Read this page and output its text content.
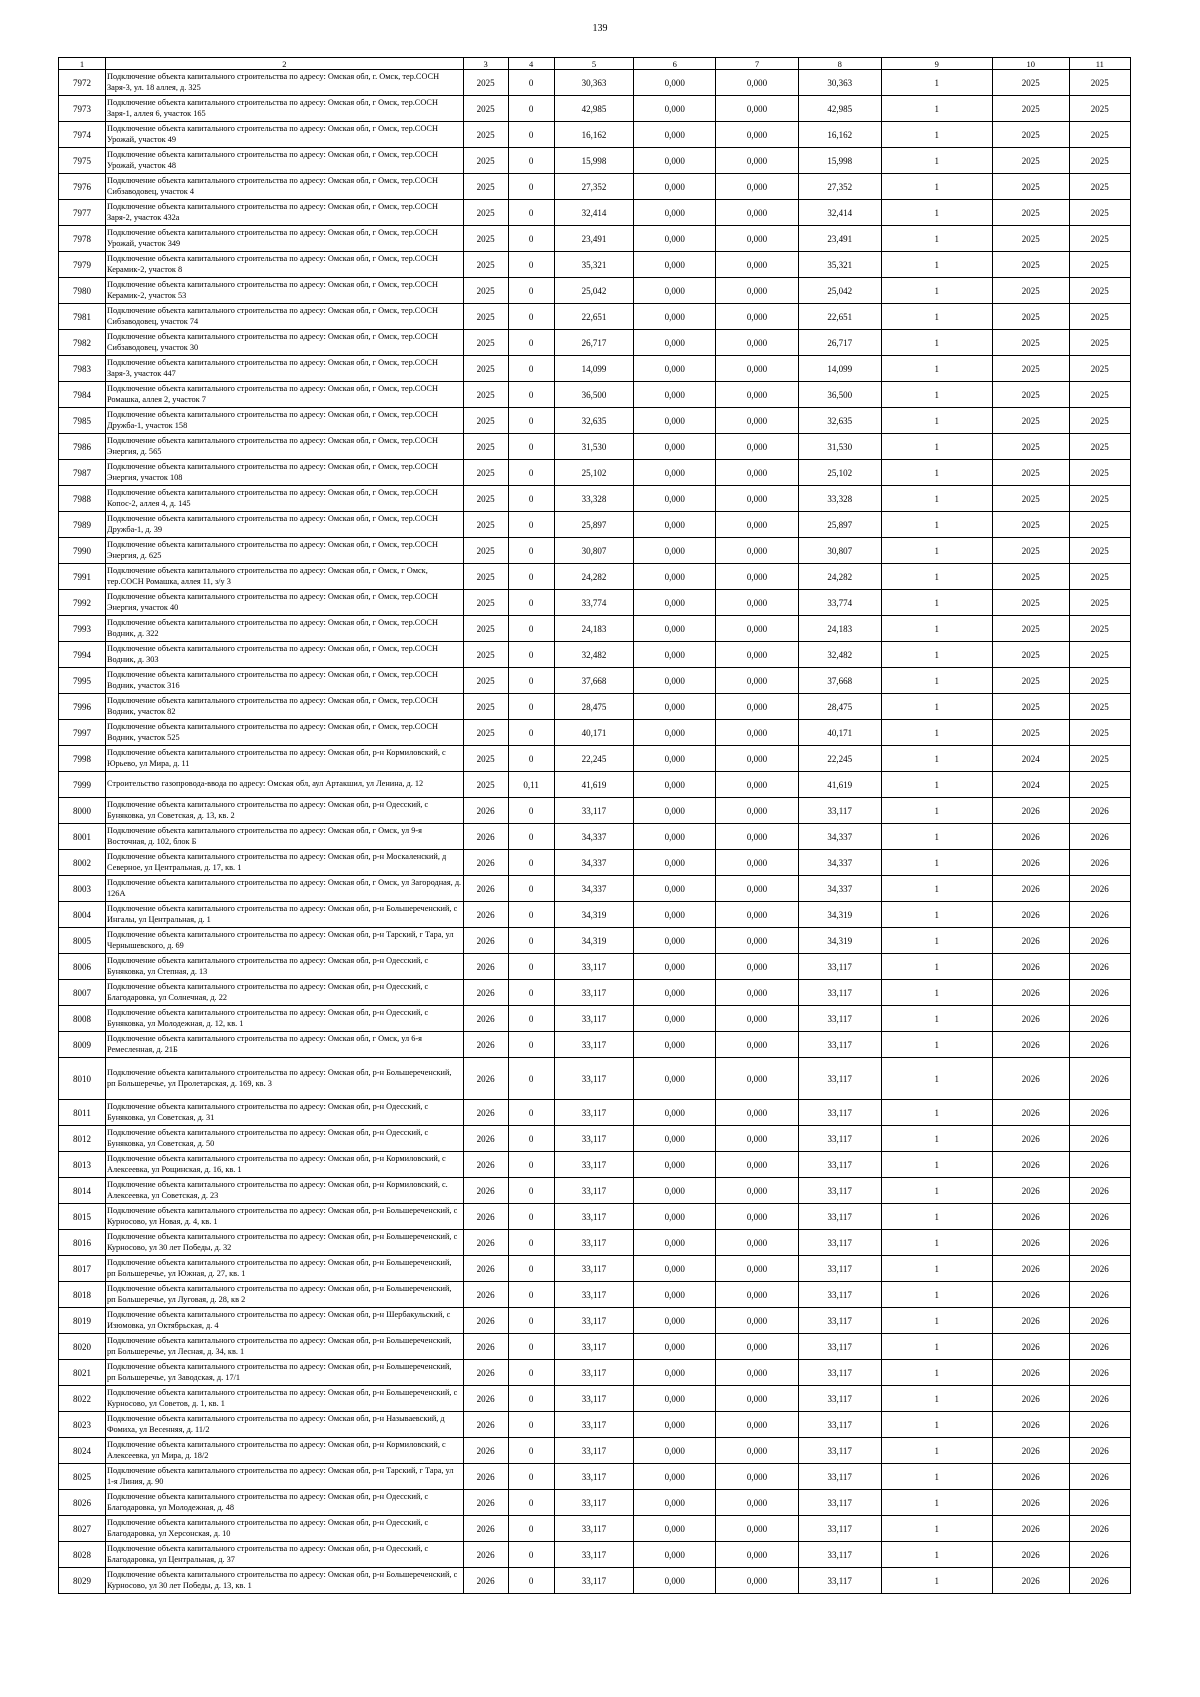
139
1	2	3	4	5	6	7	8	9	10	11
7972	Подключение объекта капитального строительства по адресу: Омская обл, г. Омск, тер.СОСН Заря-3, ул. 18 аллея, д. 325	2025	0	30,363	0,000	0,000	30,363	1	2025	2025
7973	Подключение объекта капитального строительства по адресу: Омская обл, г Омск, тер.СОСН Заря-1, аллея 6, участок 165	2025	0	42,985	0,000	0,000	42,985	1	2025	2025
7974	Подключение объекта капитального строительства по адресу: Омская обл, г Омск, тер.СОСН Урожай, участок 49	2025	0	16,162	0,000	0,000	16,162	1	2025	2025
7975	Подключение объекта капитального строительства по адресу: Омская обл, г Омск, тер.СОСН Урожай, участок 48	2025	0	15,998	0,000	0,000	15,998	1	2025	2025
7976	Подключение объекта капитального строительства по адресу: Омская обл, г Омск, тер.СОСН Сибзаводовец, участок 4	2025	0	27,352	0,000	0,000	27,352	1	2025	2025
7977	Подключение объекта капитального строительства по адресу: Омская обл, г Омск, тер.СОСН Заря-2, участок 432а	2025	0	32,414	0,000	0,000	32,414	1	2025	2025
7978	Подключение объекта капитального строительства по адресу: Омская обл, г Омск, тер.СОСН Урожай, участок 349	2025	0	23,491	0,000	0,000	23,491	1	2025	2025
7979	Подключение объекта капитального строительства по адресу: Омская обл, г Омск, тер.СОСН Керамик-2, участок 8	2025	0	35,321	0,000	0,000	35,321	1	2025	2025
7980	Подключение объекта капитального строительства по адресу: Омская обл, г Омск, тер.СОСН Керамик-2, участок 53	2025	0	25,042	0,000	0,000	25,042	1	2025	2025
7981	Подключение объекта капитального строительства по адресу: Омская обл, г Омск, тер.СОСН Сибзаводовец, участок 74	2025	0	22,651	0,000	0,000	22,651	1	2025	2025
7982	Подключение объекта капитального строительства по адресу: Омская обл, г Омск, тер.СОСН Сибзаводовец, участок 30	2025	0	26,717	0,000	0,000	26,717	1	2025	2025
7983	Подключение объекта капитального строительства по адресу: Омская обл, г Омск, тер.СОСН Заря-3, участок 447	2025	0	14,099	0,000	0,000	14,099	1	2025	2025
7984	Подключение объекта капитального строительства по адресу: Омская обл, г Омск, тер.СОСН Ромашка, аллея 2, участок 7	2025	0	36,500	0,000	0,000	36,500	1	2025	2025
7985	Подключение объекта капитального строительства по адресу: Омская обл, г Омск, тер.СОСН Дружба-1, участок 158	2025	0	32,635	0,000	0,000	32,635	1	2025	2025
7986	Подключение объекта капитального строительства по адресу: Омская обл, г Омск, тер.СОСН Энергия, д. 565	2025	0	31,530	0,000	0,000	31,530	1	2025	2025
7987	Подключение объекта капитального строительства по адресу: Омская обл, г Омск, тер.СОСН Энергия, участок 108	2025	0	25,102	0,000	0,000	25,102	1	2025	2025
7988	Подключение объекта капитального строительства по адресу: Омская обл, г Омск, тер.СОСН Копос-2, аллея 4, д. 145	2025	0	33,328	0,000	0,000	33,328	1	2025	2025
7989	Подключение объекта капитального строительства по адресу: Омская обл, г Омск, тер.СОСН Дружба-1, д. 39	2025	0	25,897	0,000	0,000	25,897	1	2025	2025
7990	Подключение объекта капитального строительства по адресу: Омская обл, г Омск, тер.СОСН Энергия, д. 625	2025	0	30,807	0,000	0,000	30,807	1	2025	2025
7991	Подключение объекта капитального строительства по адресу: Омская обл, г Омск, г Омск, тер.СОСН Ромашка, аллея 11, з/у 3	2025	0	24,282	0,000	0,000	24,282	1	2025	2025
7992	Подключение объекта капитального строительства по адресу: Омская обл, г Омск, тер.СОСН Энергия, участок 40	2025	0	33,774	0,000	0,000	33,774	1	2025	2025
7993	Подключение объекта капитального строительства по адресу: Омская обл, г Омск, тер.СОСН Водник, д. 322	2025	0	24,183	0,000	0,000	24,183	1	2025	2025
7994	Подключение объекта капитального строительства по адресу: Омская обл, г Омск, тер.СОСН Водник, д. 303	2025	0	32,482	0,000	0,000	32,482	1	2025	2025
7995	Подключение объекта капитального строительства по адресу: Омская обл, г Омск, тер.СОСН Водник, участок 316	2025	0	37,668	0,000	0,000	37,668	1	2025	2025
7996	Подключение объекта капитального строительства по адресу: Омская обл, г Омск, тер.СОСН Водник, участок 82	2025	0	28,475	0,000	0,000	28,475	1	2025	2025
7997	Подключение объекта капитального строительства по адресу: Омская обл, г Омск, тер.СОСН Водник, участок 525	2025	0	40,171	0,000	0,000	40,171	1	2025	2025
7998	Подключение объекта капитального строительства по адресу: Омская обл, р-н Кормиловский, с Юрьево, ул Мира, д. 11	2025	0	22,245	0,000	0,000	22,245	1	2024	2025
7999	Строительство газопровода-ввода по адресу: Омская обл, аул Артакшил, ул Ленина, д. 12	2025	0,11	41,619	0,000	0,000	41,619	1	2024	2025
8000	Подключение объекта капитального строительства по адресу: Омская обл, р-н Одесский, с Буняковка, ул Советская, д. 13, кв. 2	2026	0	33,117	0,000	0,000	33,117	1	2026	2026
8001	Подключение объекта капитального строительства по адресу: Омская обл, г Омск, ул 9-я Восточная, д. 102, блок Б	2026	0	34,337	0,000	0,000	34,337	1	2026	2026
8002	Подключение объекта капитального строительства по адресу: Омская обл, р-н Москаленский, д Северное, ул Центральная, д. 17, кв. 1	2026	0	34,337	0,000	0,000	34,337	1	2026	2026
8003	Подключение объекта капитального строительства по адресу: Омская обл, г Омск, ул Загородная, д. 126А	2026	0	34,337	0,000	0,000	34,337	1	2026	2026
8004	Подключение объекта капитального строительства по адресу: Омская обл, р-н Большереченский, с Ингалы, ул Центральная, д. 1	2026	0	34,319	0,000	0,000	34,319	1	2026	2026
8005	Подключение объекта капитального строительства по адресу: Омская обл, р-н Тарский, г Тара, ул Чернышевского, д. 69	2026	0	34,319	0,000	0,000	34,319	1	2026	2026
8006	Подключение объекта капитального строительства по адресу: Омская обл, р-н Одесский, с Буняковка, ул Степная, д. 13	2026	0	33,117	0,000	0,000	33,117	1	2026	2026
8007	Подключение объекта капитального строительства по адресу: Омская обл, р-н Одесский, с Благодаровка, ул Солнечная, д. 22	2026	0	33,117	0,000	0,000	33,117	1	2026	2026
8008	Подключение объекта капитального строительства по адресу: Омская обл, р-н Одесский, с Буняковка, ул Молодежная, д. 12, кв. 1	2026	0	33,117	0,000	0,000	33,117	1	2026	2026
8009	Подключение объекта капитального строительства по адресу: Омская обл, г Омск, ул 6-я Ремесленная, д. 21Б	2026	0	33,117	0,000	0,000	33,117	1	2026	2026
8010	Подключение объекта капитального строительства по адресу: Омская обл, р-н Большереченский, рп Большеречье, ул Пролетарская, д. 169, кв. 3	2026	0	33,117	0,000	0,000	33,117	1	2026	2026
8011	Подключение объекта капитального строительства по адресу: Омская обл, р-н Одесский, с Буняковка, ул Советская, д. 31	2026	0	33,117	0,000	0,000	33,117	1	2026	2026
8012	Подключение объекта капитального строительства по адресу: Омская обл, р-н Одесский, с Буняковка, ул Советская, д. 50	2026	0	33,117	0,000	0,000	33,117	1	2026	2026
8013	Подключение объекта капитального строительства по адресу: Омская обл, р-н Кормиловский, с Алексеевка, ул Рощинская, д. 16, кв. 1	2026	0	33,117	0,000	0,000	33,117	1	2026	2026
8014	Подключение объекта капитального строительства по адресу: Омская обл, р-н Кормиловский, с. Алексеевка, ул Советская, д. 23	2026	0	33,117	0,000	0,000	33,117	1	2026	2026
8015	Подключение объекта капитального строительства по адресу: Омская обл, р-н Большереченский, с Курносово, ул Новая, д. 4, кв. 1	2026	0	33,117	0,000	0,000	33,117	1	2026	2026
8016	Подключение объекта капитального строительства по адресу: Омская обл, р-н Большереченский, с Курносово, ул 30 лет Победы, д. 32	2026	0	33,117	0,000	0,000	33,117	1	2026	2026
8017	Подключение объекта капитального строительства по адресу: Омская обл, р-н Большереченский, рп Большеречье, ул Южная, д. 27, кв. 1	2026	0	33,117	0,000	0,000	33,117	1	2026	2026
8018	Подключение объекта капитального строительства по адресу: Омская обл, р-н Большереченский, рп Большеречье, ул Луговая, д. 28, кв 2	2026	0	33,117	0,000	0,000	33,117	1	2026	2026
8019	Подключение объекта капитального строительства по адресу: Омская обл, р-н Шербакульский, с Изюмовка, ул Октябрьская, д. 4	2026	0	33,117	0,000	0,000	33,117	1	2026	2026
8020	Подключение объекта капитального строительства по адресу: Омская обл, р-н Большереченский, рп Большеречье, ул Лесная, д. 34, кв. 1	2026	0	33,117	0,000	0,000	33,117	1	2026	2026
8021	Подключение объекта капитального строительства по адресу: Омская обл, р-н Большереченский, рп Большеречье, ул Заводская, д. 17/1	2026	0	33,117	0,000	0,000	33,117	1	2026	2026
8022	Подключение объекта капитального строительства по адресу: Омская обл, р-н Большереченский, с Курносово, ул Советов, д. 1, кв. 1	2026	0	33,117	0,000	0,000	33,117	1	2026	2026
8023	Подключение объекта капитального строительства по адресу: Омская обл, р-н Называевский, д Фомиха, ул Весенняя, д. 11/2	2026	0	33,117	0,000	0,000	33,117	1	2026	2026
8024	Подключение объекта капитального строительства по адресу: Омская обл, р-н Кормиловский, с Алексеевка, ул Мира, д. 18/2	2026	0	33,117	0,000	0,000	33,117	1	2026	2026
8025	Подключение объекта капитального строительства по адресу: Омская обл, р-н Тарский, г Тара, ул 1-я Линия, д. 90	2026	0	33,117	0,000	0,000	33,117	1	2026	2026
8026	Подключение объекта капитального строительства по адресу: Омская обл, р-н Одесский, с Благодаровка, ул Молодежная, д. 48	2026	0	33,117	0,000	0,000	33,117	1	2026	2026
8027	Подключение объекта капитального строительства по адресу: Омская обл, р-н Одесский, с Благодаровка, ул Херсонская, д. 10	2026	0	33,117	0,000	0,000	33,117	1	2026	2026
8028	Подключение объекта капитального строительства по адресу: Омская обл, р-н Одесский, с Благодаровка, ул Центральная, д. 37	2026	0	33,117	0,000	0,000	33,117	1	2026	2026
8029	Подключение объекта капитального строительства по адресу: Омская обл, р-н Большереченский, с Курносово, ул 30 лет Победы, д. 13, кв. 1	2026	0	33,117	0,000	0,000	33,117	1	2026	2026
